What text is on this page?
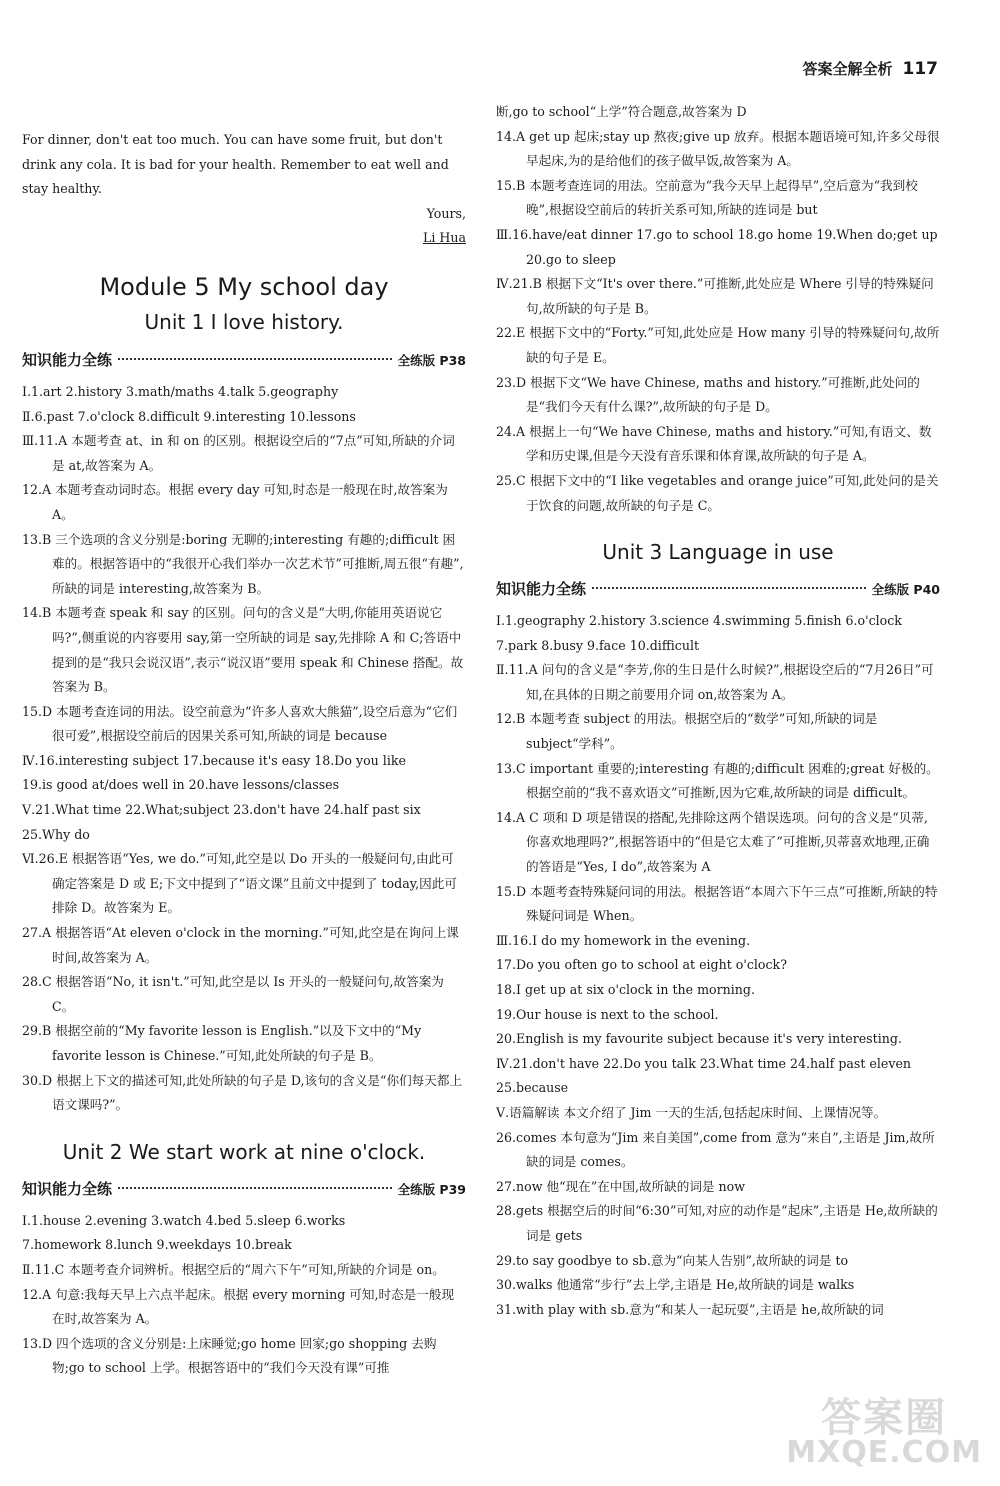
答案全解全析 117

For dinner, don't eat too much. You can have some fruit, but don't drink any cola. It is bad for your health. Remember to eat well and stay healthy.

Yours,

Li Hua

Module 5 My school day
Unit 1 I love history.
知识能力全练	全练版 P38

Ⅰ.1.art 2.history 3.math/maths 4.talk 5.geography

Ⅱ.6.past 7.o'clock 8.difficult 9.interesting 10.lessons

Ⅲ.11.A 本题考查 at、in 和 on 的区别。根据设空后的“7点”可知,所缺的介词是 at,故答案为 A。

12.A 本题考查动词时态。根据 every day 可知,时态是一般现在时,故答案为 A。

13.B 三个选项的含义分别是:boring 无聊的;interesting 有趣的;difficult 困难的。根据答语中的“我很开心我们举办一次艺术节”可推断,周五很“有趣”,所缺的词是 interesting,故答案为 B。

14.B 本题考查 speak 和 say 的区别。问句的含义是“大明,你能用英语说它吗?”,侧重说的内容要用 say,第一空所缺的词是 say,先排除 A 和 C;答语中提到的是“我只会说汉语”,表示“说汉语”要用 speak 和 Chinese 搭配。故答案为 B。

15.D 本题考查连词的用法。设空前意为“许多人喜欢大熊猫”,设空后意为“它们很可爱”,根据设空前后的因果关系可知,所缺的词是 because

Ⅳ.16.interesting subject 17.because it's easy 18.Do you like

19.is good at/does well in 20.have lessons/classes

Ⅴ.21.What time 22.What;subject 23.don't have 24.half past six

25.Why do

Ⅵ.26.E 根据答语“Yes, we do.”可知,此空是以 Do 开头的一般疑问句,由此可确定答案是 D 或 E;下文中提到了“语文课”且前文中提到了 today,因此可排除 D。故答案为 E。

27.A 根据答语“At eleven o'clock in the morning.”可知,此空是在询问上课时间,故答案为 A。

28.C 根据答语“No, it isn't.”可知,此空是以 Is 开头的一般疑问句,故答案为 C。

29.B 根据空前的“My favorite lesson is English.”以及下文中的“My favorite lesson is Chinese.”可知,此处所缺的句子是 B。

30.D 根据上下文的描述可知,此处所缺的句子是 D,该句的含义是“你们每天都上语文课吗?”。

Unit 2 We start work at nine o'clock.
知识能力全练	全练版 P39

Ⅰ.1.house 2.evening 3.watch 4.bed 5.sleep 6.works

7.homework 8.lunch 9.weekdays 10.break

Ⅱ.11.C 本题考查介词辨析。根据空后的“周六下午”可知,所缺的介词是 on。

12.A 句意:我每天早上六点半起床。根据 every morning 可知,时态是一般现在时,故答案为 A。

13.D 四个选项的含义分别是:上床睡觉;go home 回家;go shopping 去购物;go to school 上学。根据答语中的“我们今天没有课”可推

断,go to school“上学”符合题意,故答案为 D

14.A get up 起床;stay up 熬夜;give up 放弃。根据本题语境可知,许多父母很早起床,为的是给他们的孩子做早饭,故答案为 A。

15.B 本题考查连词的用法。空前意为“我今天早上起得早”,空后意为“我到校晚”,根据设空前后的转折关系可知,所缺的连词是 but

Ⅲ.16.have/eat dinner 17.go to school 18.go home 19.When do;get up 20.go to sleep

Ⅳ.21.B 根据下文“It's over there.”可推断,此处应是 Where 引导的特殊疑问句,故所缺的句子是 B。

22.E 根据下文中的“Forty.”可知,此处应是 How many 引导的特殊疑问句,故所缺的句子是 E。

23.D 根据下文“We have Chinese, maths and history.”可推断,此处问的是“我们今天有什么课?”,故所缺的句子是 D。

24.A 根据上一句“We have Chinese, maths and history.”可知,有语文、数学和历史课,但是今天没有音乐课和体育课,故所缺的句子是 A。

25.C 根据下文中的“I like vegetables and orange juice”可知,此处问的是关于饮食的问题,故所缺的句子是 C。

Unit 3 Language in use
知识能力全练	全练版 P40

Ⅰ.1.geography 2.history 3.science 4.swimming 5.finish 6.o'clock

7.park 8.busy 9.face 10.difficult

Ⅱ.11.A 问句的含义是“李芳,你的生日是什么时候?”,根据设空后的“7月26日”可知,在具体的日期之前要用介词 on,故答案为 A。

12.B 本题考查 subject 的用法。根据空后的“数学”可知,所缺的词是 subject“学科”。

13.C important 重要的;interesting 有趣的;difficult 困难的;great 好极的。根据空前的“我不喜欢语文”可推断,因为它难,故所缺的词是 difficult。

14.A C 项和 D 项是错误的搭配,先排除这两个错误选项。问句的含义是“贝蒂,你喜欢地理吗?”,根据答语中的“但是它太难了”可推断,贝蒂喜欢地理,正确的答语是“Yes, I do”,故答案为 A

15.D 本题考查特殊疑问词的用法。根据答语“本周六下午三点”可推断,所缺的特殊疑问词是 When。

Ⅲ.16.I do my homework in the evening.

17.Do you often go to school at eight o'clock?

18.I get up at six o'clock in the morning.

19.Our house is next to the school.

20.English is my favourite subject because it's very interesting.

Ⅳ.21.don't have 22.Do you talk 23.What time 24.half past eleven

25.because

Ⅴ.语篇解读 本文介绍了 Jim 一天的生活,包括起床时间、上课情况等。

26.comes 本句意为“Jim 来自美国”,come from 意为“来自”,主语是 Jim,故所缺的词是 comes。

27.now 他“现在”在中国,故所缺的词是 now

28.gets 根据空后的时间“6:30”可知,对应的动作是“起床”,主语是 He,故所缺的词是 gets

29.to say goodbye to sb.意为“向某人告别”,故所缺的词是 to

30.walks 他通常“步行”去上学,主语是 He,故所缺的词是 walks

31.with play with sb.意为“和某人一起玩耍”,主语是 he,故所缺的词

答案圈
MXQE.COM
